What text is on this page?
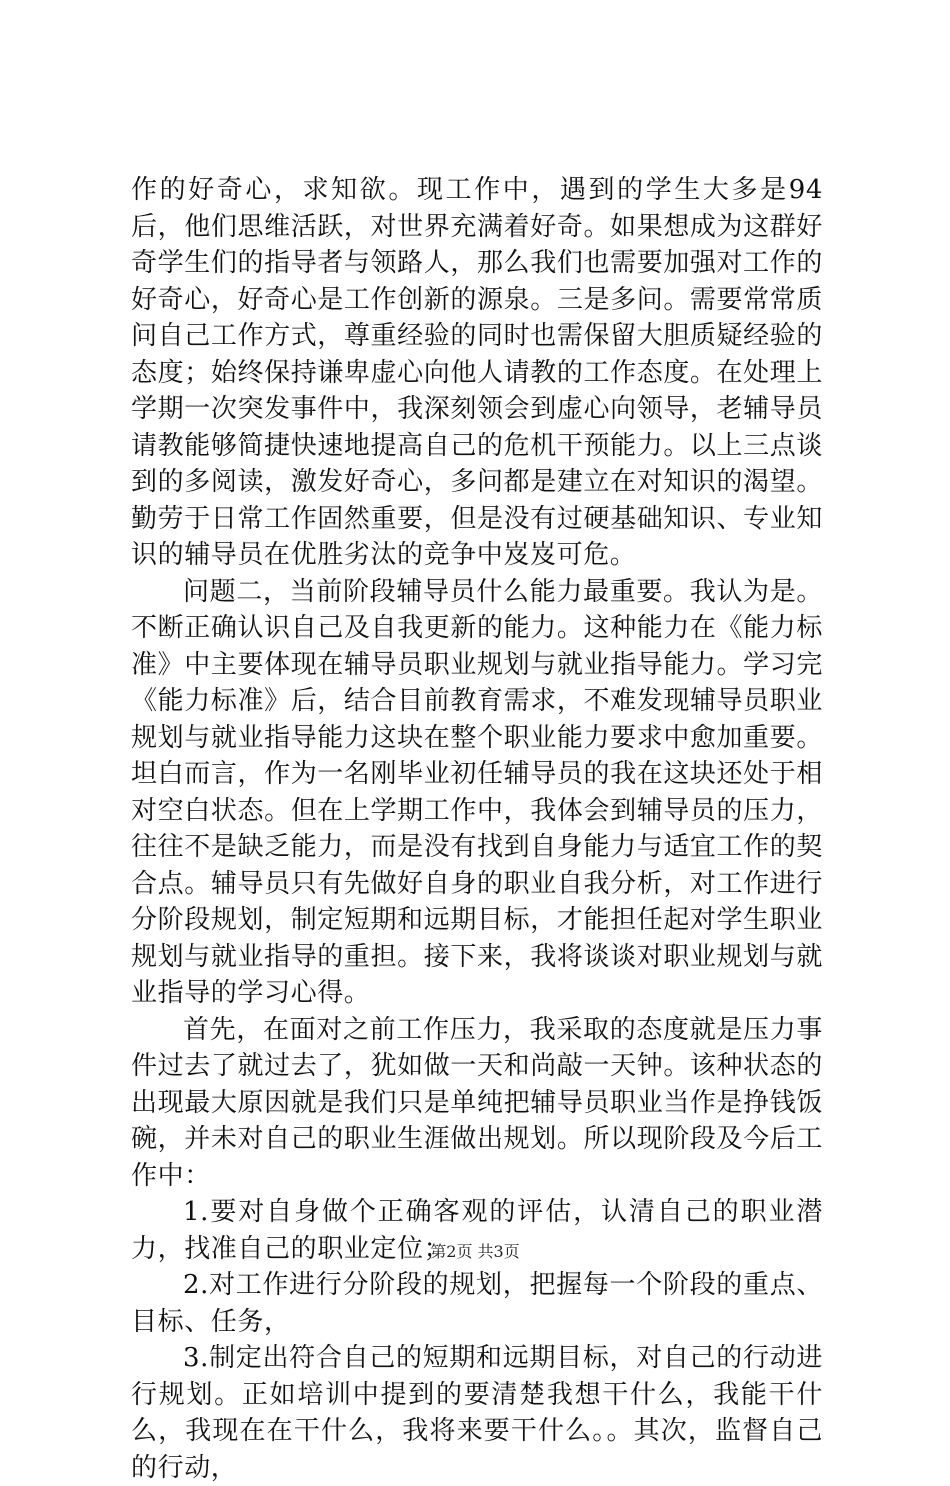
作的好奇心，求知欲。现工作中，遇到的学生大多是94后，他们思维活跃，对世界充满着好奇。如果想成为这群好奇学生们的指导者与领路人，那么我们也需要加强对工作的好奇心，好奇心是工作创新的源泉。三是多问。需要常常质问自己工作方式，尊重经验的同时也需保留大胆质疑经验的态度；始终保持谦卑虚心向他人请教的工作态度。在处理上学期一次突发事件中，我深刻领会到虚心向领导，老辅导员请教能够简捷快速地提高自己的危机干预能力。以上三点谈到的多阅读，激发好奇心，多问都是建立在对知识的渴望。勤劳于日常工作固然重要，但是没有过硬基础知识、专业知识的辅导员在优胜劣汰的竞争中岌岌可危。

问题二，当前阶段辅导员什么能力最重要。我认为是。不断正确认识自己及自我更新的能力。这种能力在《能力标准》中主要体现在辅导员职业规划与就业指导能力。学习完《能力标准》后，结合目前教育需求，不难发现辅导员职业规划与就业指导能力这块在整个职业能力要求中愈加重要。坦白而言，作为一名刚毕业初任辅导员的我在这块还处于相对空白状态。但在上学期工作中，我体会到辅导员的压力，往往不是缺乏能力，而是没有找到自身能力与适宜工作的契合点。辅导员只有先做好自身的职业自我分析，对工作进行分阶段规划，制定短期和远期目标，才能担任起对学生职业规划与就业指导的重担。接下来，我将谈谈对职业规划与就业指导的学习心得。

首先，在面对之前工作压力，我采取的态度就是压力事件过去了就过去了，犹如做一天和尚敲一天钟。该种状态的出现最大原因就是我们只是单纯把辅导员职业当作是挣钱饭碗，并未对自己的职业生涯做出规划。所以现阶段及今后工作中：

1.要对自身做个正确客观的评估，认清自己的职业潜力，找准自己的职业定位；

2.对工作进行分阶段的规划，把握每一个阶段的重点、目标、任务，

3.制定出符合自己的短期和远期目标，对自己的行动进行规划。正如培训中提到的要清楚我想干什么，我能干什么，我现在在干什么，我将来要干什么。。其次，监督自己的行动，

第2页 共3页
